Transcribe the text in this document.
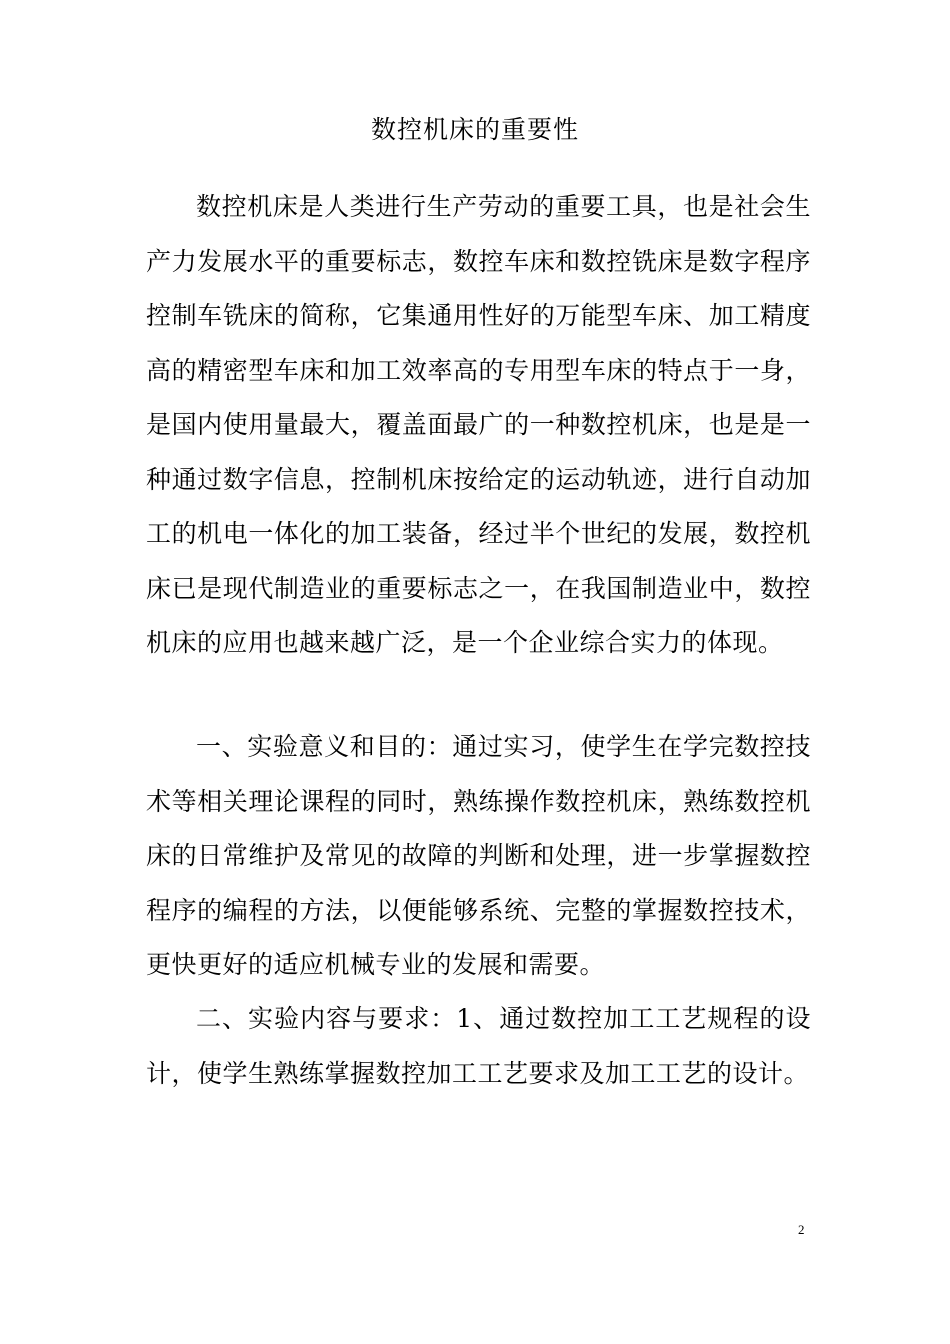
数控机床的重要性

数控机床是人类进行生产劳动的重要工具，也是社会生产力发展水平的重要标志，数控车床和数控铣床是数字程序控制车铣床的简称，它集通用性好的万能型车床、加工精度高的精密型车床和加工效率高的专用型车床的特点于一身，是国内使用量最大，覆盖面最广的一种数控机床，也是是一种通过数字信息，控制机床按给定的运动轨迹，进行自动加工的机电一体化的加工装备，经过半个世纪的发展，数控机床已是现代制造业的重要标志之一，在我国制造业中，数控机床的应用也越来越广泛，是一个企业综合实力的体现。

一、实验意义和目的：通过实习，使学生在学完数控技术等相关理论课程的同时，熟练操作数控机床，熟练数控机床的日常维护及常见的故障的判断和处理，进一步掌握数控程序的编程的方法，以便能够系统、完整的掌握数控技术，更快更好的适应机械专业的发展和需要。

二、实验内容与要求：1、通过数控加工工艺规程的设计，使学生熟练掌握数控加工工艺要求及加工工艺的设计。

2
